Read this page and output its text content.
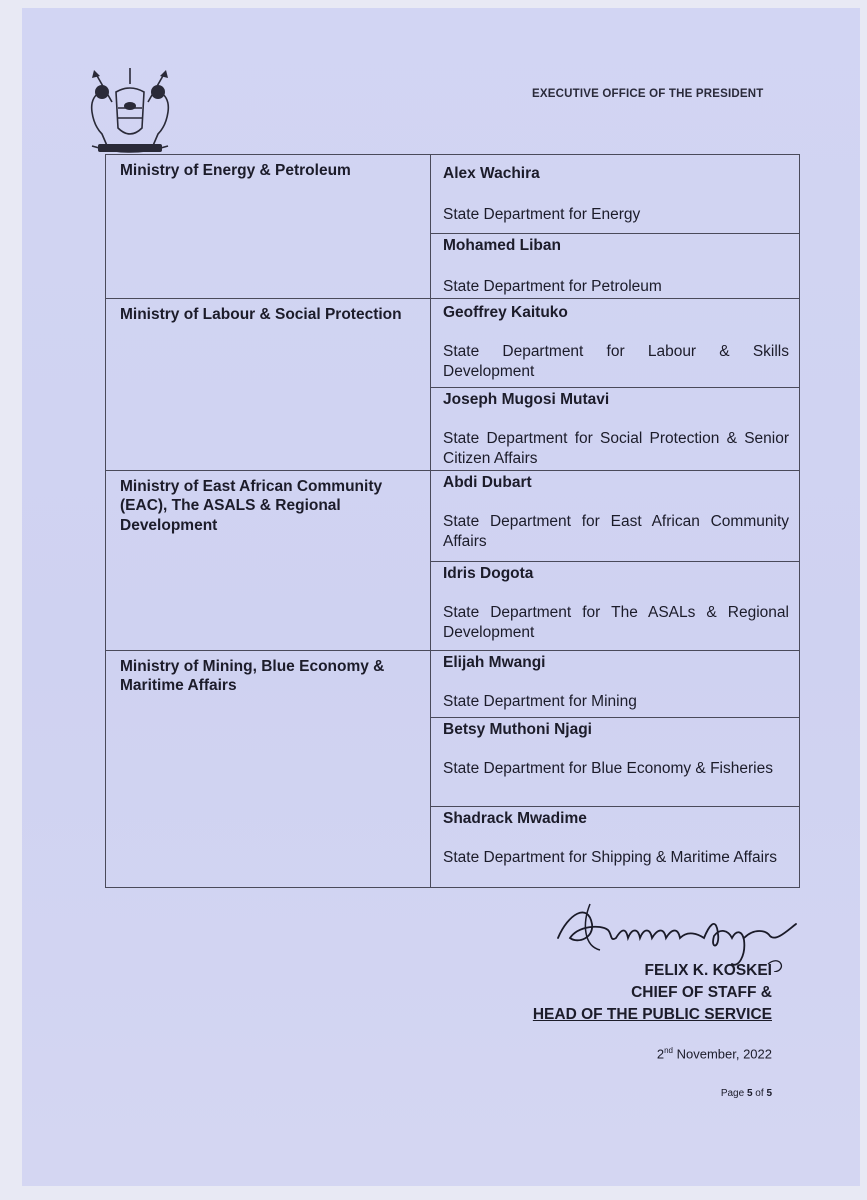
EXECUTIVE OFFICE OF THE PRESIDENT
Ministry of Energy & Petroleum	Alex Wachira
State Department for Energy

	Mohamed Liban
State Department for Petroleum

Ministry of Labour & Social Protection	Geoffrey Kaituko
State Department for Labour & Skills Development

	Joseph Mugosi Mutavi
State Department for Social Protection & Senior Citizen Affairs

Ministry of East African Community (EAC), The ASALS & Regional Development	Abdi Dubart
State Department for East African Community Affairs

	Idris Dogota
State Department for The ASALs & Regional Development

Ministry of Mining, Blue Economy & Maritime Affairs	Elijah Mwangi
State Department for Mining

	Betsy Muthoni Njagi
State Department for Blue Economy & Fisheries

	Shadrack Mwadime
State Department for Shipping & Maritime Affairs
FELIX K. KOSKEI
CHIEF OF STAFF &
HEAD OF THE PUBLIC SERVICE
2nd November, 2022
Page 5 of 5
